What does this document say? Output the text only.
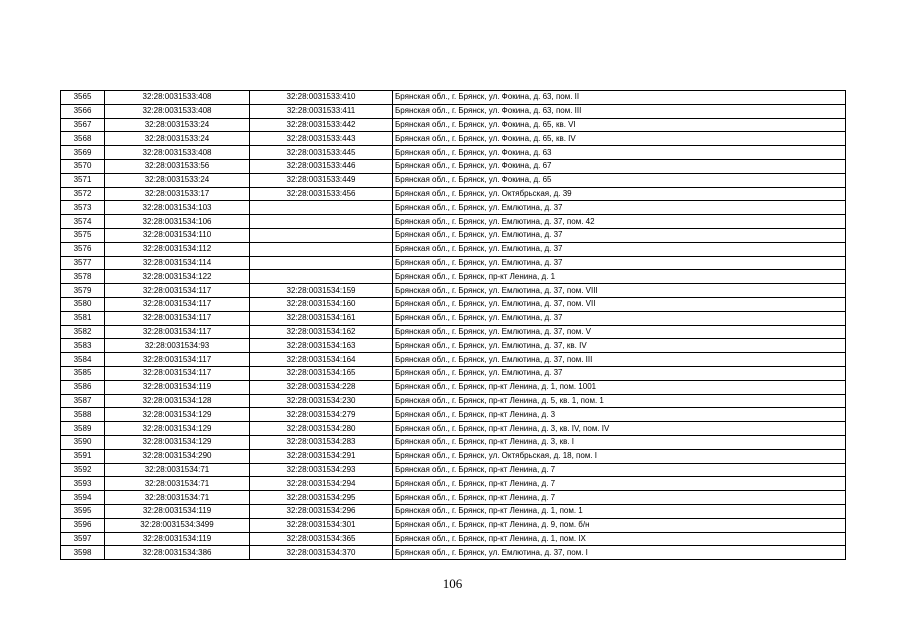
3565	32:28:0031533:408	32:28:0031533:410	Брянская обл., г. Брянск, ул. Фокина, д. 63, пом. II
3566	32:28:0031533:408	32:28:0031533:411	Брянская обл., г. Брянск, ул. Фокина, д. 63, пом. III
3567	32:28:0031533:24	32:28:0031533:442	Брянская обл., г. Брянск, ул. Фокина, д. 65, кв. VI
3568	32:28:0031533:24	32:28:0031533:443	Брянская обл., г. Брянск, ул. Фокина, д. 65, кв. IV
3569	32:28:0031533:408	32:28:0031533:445	Брянская обл., г. Брянск, ул. Фокина, д. 63
3570	32:28:0031533:56	32:28:0031533:446	Брянская обл., г. Брянск, ул. Фокина, д. 67
3571	32:28:0031533:24	32:28:0031533:449	Брянская обл., г. Брянск, ул. Фокина, д. 65
3572	32:28:0031533:17	32:28:0031533:456	Брянская обл., г. Брянск, ул. Октябрьская, д. 39
3573	32:28:0031534:103		Брянская обл., г. Брянск, ул. Емлютина, д. 37
3574	32:28:0031534:106		Брянская обл., г. Брянск, ул. Емлютина, д. 37, пом. 42
3575	32:28:0031534:110		Брянская обл., г. Брянск, ул. Емлютина, д. 37
3576	32:28:0031534:112		Брянская обл., г. Брянск, ул. Емлютина, д. 37
3577	32:28:0031534:114		Брянская обл., г. Брянск, ул. Емлютина, д. 37
3578	32:28:0031534:122		Брянская обл., г. Брянск, пр-кт Ленина, д. 1
3579	32:28:0031534:117	32:28:0031534:159	Брянская обл., г. Брянск, ул. Емлютина, д. 37, пом. VIII
3580	32:28:0031534:117	32:28:0031534:160	Брянская обл., г. Брянск, ул. Емлютина, д. 37, пом. VII
3581	32:28:0031534:117	32:28:0031534:161	Брянская обл., г. Брянск, ул. Емлютина, д. 37
3582	32:28:0031534:117	32:28:0031534:162	Брянская обл., г. Брянск, ул. Емлютина, д. 37, пом. V
3583	32:28:0031534:93	32:28:0031534:163	Брянская обл., г. Брянск, ул. Емлютина, д. 37, кв. IV
3584	32:28:0031534:117	32:28:0031534:164	Брянская обл., г. Брянск, ул. Емлютина, д. 37, пом. III
3585	32:28:0031534:117	32:28:0031534:165	Брянская обл., г. Брянск, ул. Емлютина, д. 37
3586	32:28:0031534:119	32:28:0031534:228	Брянская обл., г. Брянск, пр-кт Ленина, д. 1, пом. 1001
3587	32:28:0031534:128	32:28:0031534:230	Брянская обл., г. Брянск, пр-кт Ленина, д. 5, кв. 1, пом. 1
3588	32:28:0031534:129	32:28:0031534:279	Брянская обл., г. Брянск, пр-кт Ленина, д. 3
3589	32:28:0031534:129	32:28:0031534:280	Брянская обл., г. Брянск, пр-кт Ленина, д. 3, кв. IV, пом. IV
3590	32:28:0031534:129	32:28:0031534:283	Брянская обл., г. Брянск, пр-кт Ленина, д. 3, кв. I
3591	32:28:0031534:290	32:28:0031534:291	Брянская обл., г. Брянск, ул. Октябрьская, д. 18, пом. I
3592	32:28:0031534:71	32:28:0031534:293	Брянская обл., г. Брянск, пр-кт Ленина, д. 7
3593	32:28:0031534:71	32:28:0031534:294	Брянская обл., г. Брянск, пр-кт Ленина, д. 7
3594	32:28:0031534:71	32:28:0031534:295	Брянская обл., г. Брянск, пр-кт Ленина, д. 7
3595	32:28:0031534:119	32:28:0031534:296	Брянская обл., г. Брянск, пр-кт Ленина, д. 1, пом. 1
3596	32:28:0031534:3499	32:28:0031534:301	Брянская обл., г. Брянск, пр-кт Ленина, д. 9, пом. б/н
3597	32:28:0031534:119	32:28:0031534:365	Брянская обл., г. Брянск, пр-кт Ленина, д. 1, пом. IX
3598	32:28:0031534:386	32:28:0031534:370	Брянская обл., г. Брянск, ул. Емлютина, д. 37, пом. I
106
